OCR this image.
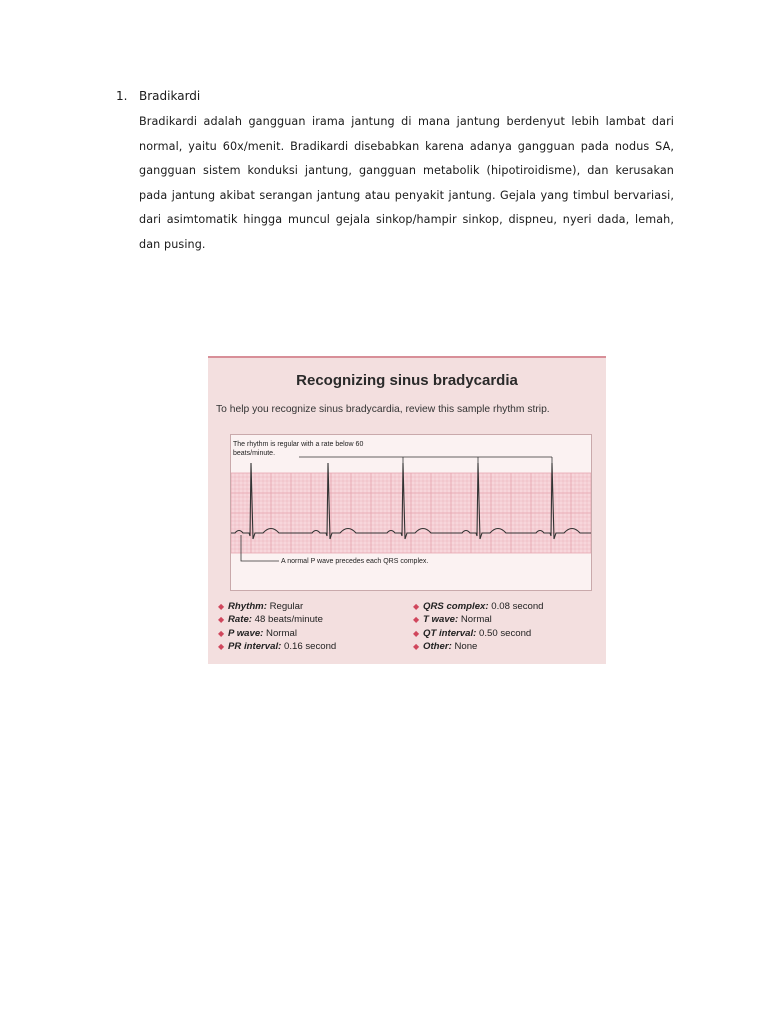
1. Bradikardi
Bradikardi adalah gangguan irama jantung di mana jantung berdenyut lebih lambat dari normal, yaitu 60x/menit. Bradikardi disebabkan karena adanya gangguan pada nodus SA, gangguan sistem konduksi jantung, gangguan metabolik (hipotiroidisme), dan kerusakan pada jantung akibat serangan jantung atau penyakit jantung. Gejala yang timbul bervariasi, dari asimtomatik hingga muncul gejala sinkop/hampir sinkop, dispneu, nyeri dada, lemah, dan pusing.
Recognizing sinus bradycardia
To help you recognize sinus bradycardia, review this sample rhythm strip.
The rhythm is regular with a rate below 60 beats/minute.
A normal P wave precedes each QRS complex.
◆ Rhythm: Regular
◆ Rate: 48 beats/minute
◆ P wave: Normal
◆ PR interval: 0.16 second
◆ QRS complex: 0.08 second
◆ T wave: Normal
◆ QT interval: 0.50 second
◆ Other: None
